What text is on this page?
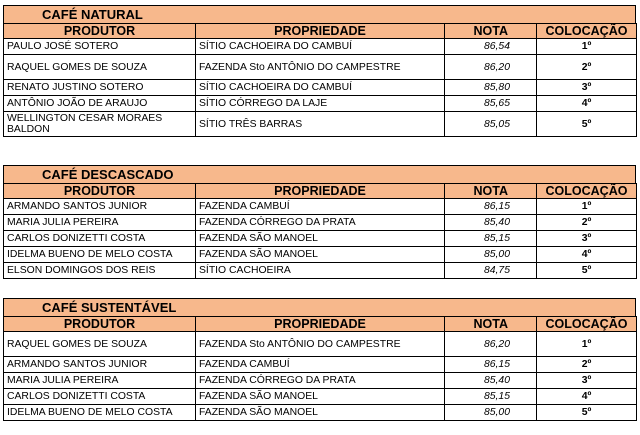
CAFÉ NATURAL
PRODUTOR	PROPRIEDADE	NOTA	COLOCAÇÃO
PAULO JOSÉ SOTERO	SÍTIO CACHOEIRA DO CAMBUÍ	86,54	1º
RAQUEL GOMES DE SOUZA	FAZENDA Sto ANTÔNIO DO CAMPESTRE	86,20	2º
RENATO JUSTINO SOTERO	SÍTIO CACHOEIRA DO CAMBUÍ	85,80	3º
ANTÔNIO JOÃO DE ARAUJO	SÍTIO CÓRREGO DA LAJE	85,65	4º
WELLINGTON CESAR MORAES BALDON	SÍTIO TRÊS BARRAS	85,05	5º
CAFÉ DESCASCADO
PRODUTOR	PROPRIEDADE	NOTA	COLOCAÇÃO
ARMANDO SANTOS JUNIOR	FAZENDA CAMBUÍ	86,15	1º
MARIA JULIA PEREIRA	FAZENDA CÓRREGO DA PRATA	85,40	2º
CARLOS DONIZETTI COSTA	FAZENDA SÃO MANOEL	85,15	3º
IDELMA BUENO DE MELO COSTA	FAZENDA SÃO MANOEL	85,00	4º
ELSON DOMINGOS DOS REIS	SÍTIO CACHOEIRA	84,75	5º
CAFÉ SUSTENTÁVEL
PRODUTOR	PROPRIEDADE	NOTA	COLOCAÇÃO
RAQUEL GOMES DE SOUZA	FAZENDA Sto ANTÔNIO DO CAMPESTRE	86,20	1º
ARMANDO SANTOS JUNIOR	FAZENDA CAMBUÍ	86,15	2º
MARIA JULIA PEREIRA	FAZENDA CÓRREGO DA PRATA	85,40	3º
CARLOS DONIZETTI COSTA	FAZENDA SÃO MANOEL	85,15	4º
IDELMA BUENO DE MELO COSTA	FAZENDA SÃO MANOEL	85,00	5º
